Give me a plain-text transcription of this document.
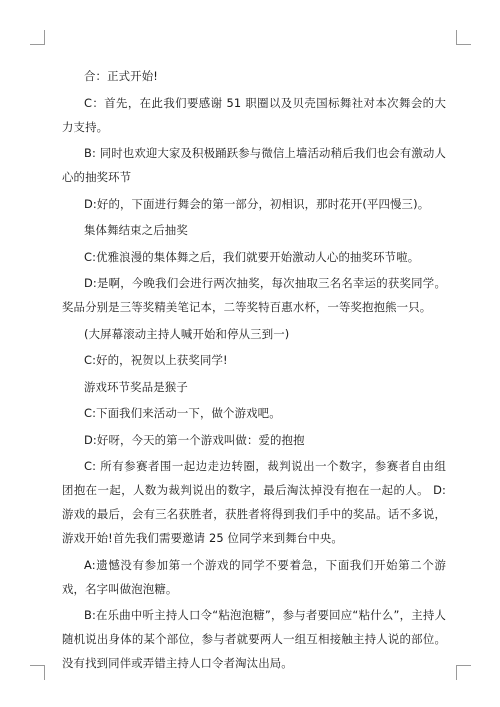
合：正式开始!

C：首先，在此我们要感谢 51 职圈以及贝壳国标舞社对本次舞会的大力支持。

B: 同时也欢迎大家及积极踊跃参与微信上墙活动稍后我们也会有激动人心的抽奖环节

D:好的，下面进行舞会的第一部分，初相识，那时花开(平四慢三)。

集体舞结束之后抽奖

C:优雅浪漫的集体舞之后，我们就要开始激动人心的抽奖环节啦。

D:是啊，今晚我们会进行两次抽奖，每次抽取三名名幸运的获奖同学。奖品分别是三等奖精美笔记本，二等奖特百惠水杯，一等奖抱抱熊一只。

(大屏幕滚动主持人喊开始和停从三到一)

C:好的，祝贺以上获奖同学!

游戏环节奖品是猴子

C:下面我们来活动一下，做个游戏吧。

D:好呀，今天的第一个游戏叫做：爱的抱抱

C: 所有参赛者围一起边走边转圈，裁判说出一个数字，参赛者自由组团抱在一起，人数为裁判说出的数字，最后淘汰掉没有抱在一起的人。 D:游戏的最后，会有三名获胜者，获胜者将得到我们手中的奖品。话不多说，游戏开始!首先我们需要邀请 25 位同学来到舞台中央。

A:遗憾没有参加第一个游戏的同学不要着急，下面我们开始第二个游戏，名字叫做泡泡糖。

B:在乐曲中听主持人口令“粘泡泡糖”，参与者要回应“粘什么”，主持人随机说出身体的某个部位，参与者就要两人一组互相接触主持人说的部位。没有找到同伴或弄错主持人口令者淘汰出局。
